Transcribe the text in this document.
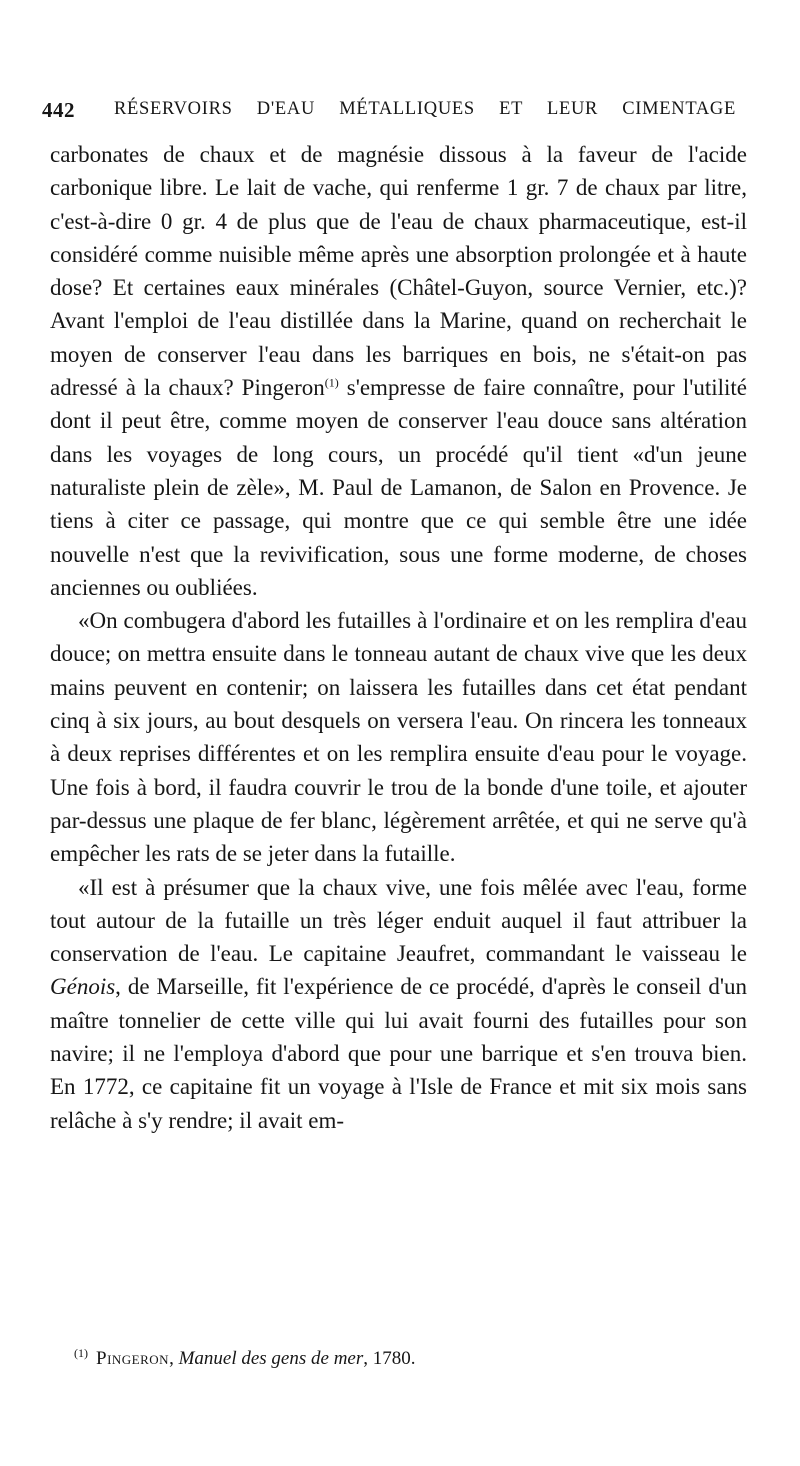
442 RÉSERVOIRS D'EAU MÉTALLIQUES ET LEUR CIMENTAGE

carbonates de chaux et de magnésie dissous à la faveur de l'acide carbonique libre. Le lait de vache, qui renferme 1 gr. 7 de chaux par litre, c'est-à-dire 0 gr. 4 de plus que de l'eau de chaux pharmaceutique, est-il considéré comme nuisible même après une absorption prolongée et à haute dose? Et certaines eaux minérales (Châtel-Guyon, source Vernier, etc.)? Avant l'emploi de l'eau distillée dans la Marine, quand on recherchait le moyen de conserver l'eau dans les barriques en bois, ne s'était-on pas adressé à la chaux? Pingeron$^{(1)}$ s'empresse de faire connaître, pour l'utilité dont il peut être, comme moyen de conserver l'eau douce sans altération dans les voyages de long cours, un procédé qu'il tient «d'un jeune naturaliste plein de zèle», M. Paul de Lamanon, de Salon en Provence. Je tiens à citer ce passage, qui montre que ce qui semble être une idée nouvelle n'est que la revivification, sous une forme moderne, de choses anciennes ou oubliées.

«On combugera d'abord les futailles à l'ordinaire et on les remplira d'eau douce; on mettra ensuite dans le tonneau autant de chaux vive que les deux mains peuvent en contenir; on laissera les futailles dans cet état pendant cinq à six jours, au bout desquels on versera l'eau. On rincera les tonneaux à deux reprises différentes et on les remplira ensuite d'eau pour le voyage. Une fois à bord, il faudra couvrir le trou de la bonde d'une toile, et ajouter par-dessus une plaque de fer blanc, légèrement arrêtée, et qui ne serve qu'à empêcher les rats de se jeter dans la futaille.

«Il est à présumer que la chaux vive, une fois mêlée avec l'eau, forme tout autour de la futaille un très léger enduit auquel il faut attribuer la conservation de l'eau. Le capitaine Jeaufret, commandant le vaisseau le Génois, de Marseille, fit l'expérience de ce procédé, d'après le conseil d'un maître tonnelier de cette ville qui lui avait fourni des futailles pour son navire; il ne l'employa d'abord que pour une barrique et s'en trouva bien. En 1772, ce capitaine fit un voyage à l'Isle de France et mit six mois sans relâche à s'y rendre; il avait em-

$^{(1)}$ Pingeron, Manuel des gens de mer, 1780.
